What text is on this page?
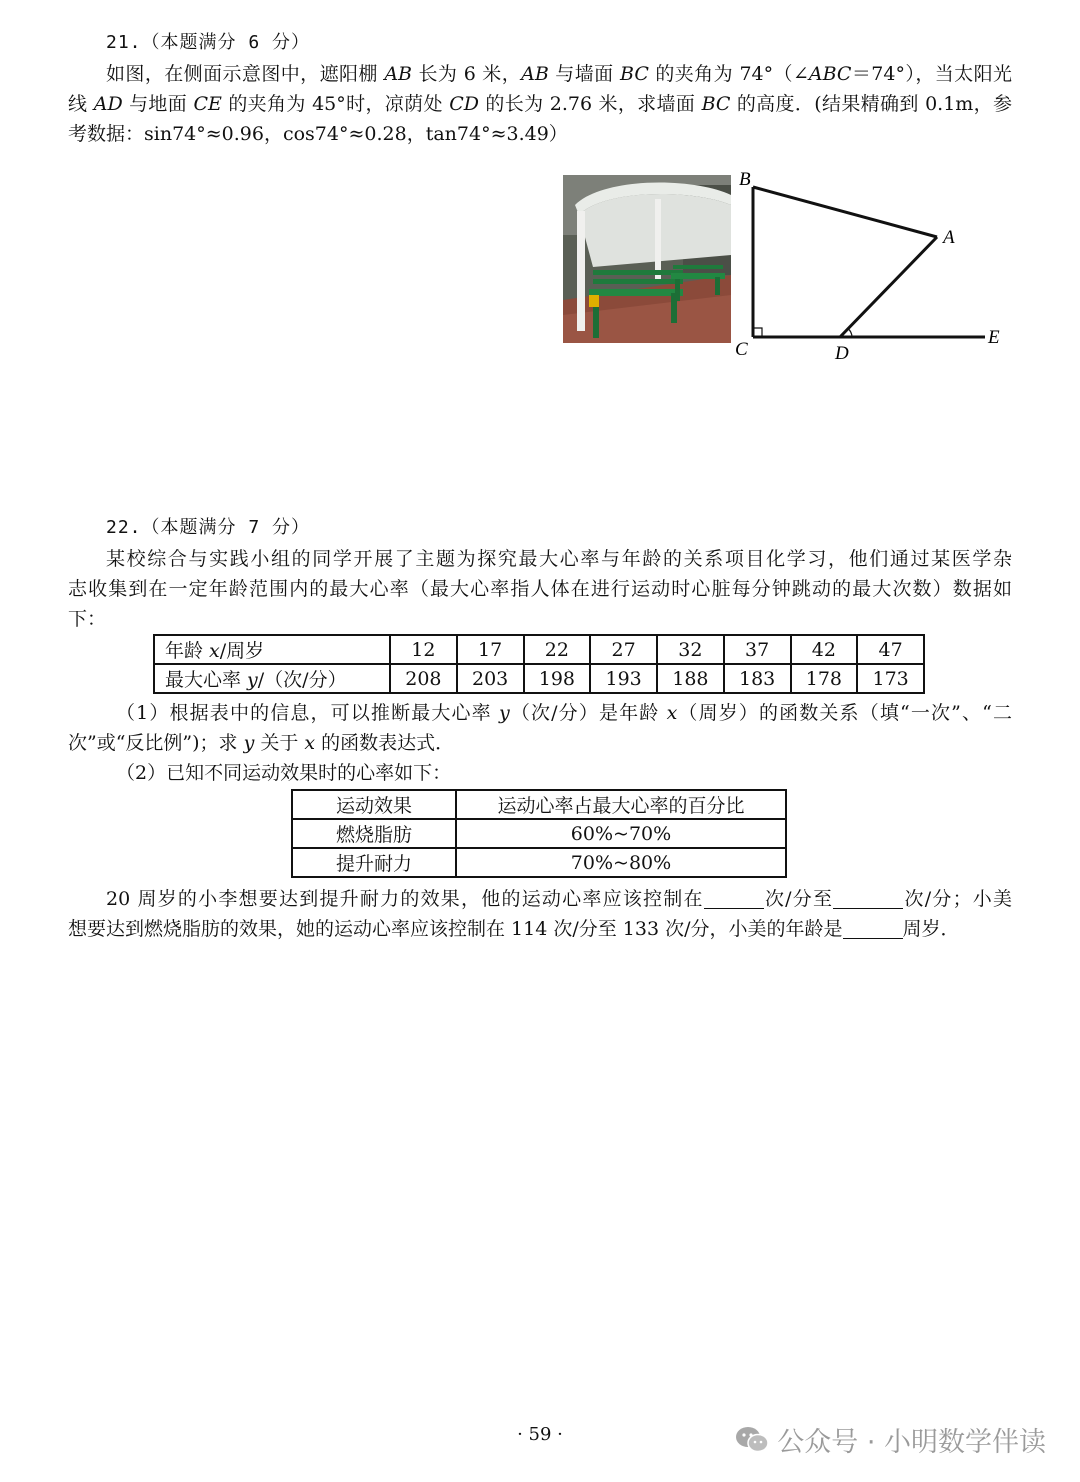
21.（本题满分 6 分）
如图，在侧面示意图中，遮阳棚 AB 长为 6 米，AB 与墙面 BC 的夹角为 74°（∠ABC＝74°），当太阳光
线 AD 与地面 CE 的夹角为 45°时，凉荫处 CD 的长为 2.76 米，求墙面 BC 的高度．(结果精确到 0.1m，参
考数据：sin74°≈0.96，cos74°≈0.28，tan74°≈3.49）
B
A
C	D
E
22.（本题满分 7 分）
某校综合与实践小组的同学开展了主题为探究最大心率与年龄的关系项目化学习，他们通过某医学杂
志收集到在一定年龄范围内的最大心率（最大心率指人体在进行运动时心脏每分钟跳动的最大次数）数据如
下：
年龄 x/周岁	12	17	22	27	32	37	42	47
最大心率 y/（次/分）	208	203	198	193	188	183	178	173
（1）根据表中的信息，可以推断最大心率 y（次/分）是年龄 x（周岁）的函数关系（填“一次”、“二
次”或“反比例”)；求 y 关于 x 的函数表达式．
（2）已知不同运动效果时的心率如下：
运动效果	运动心率占最大心率的百分比
燃烧脂肪	60%~70%
提升耐力	70%~80%
20 周岁的小李想要达到提升耐力的效果，他的运动心率应该控制在	次/分至	次/分；小美
想要达到燃烧脂肪的效果，她的运动心率应该控制在 114 次/分至 133 次/分，小美的年龄是	周岁．
· 59 ·	公众号 · 小明数学伴读
